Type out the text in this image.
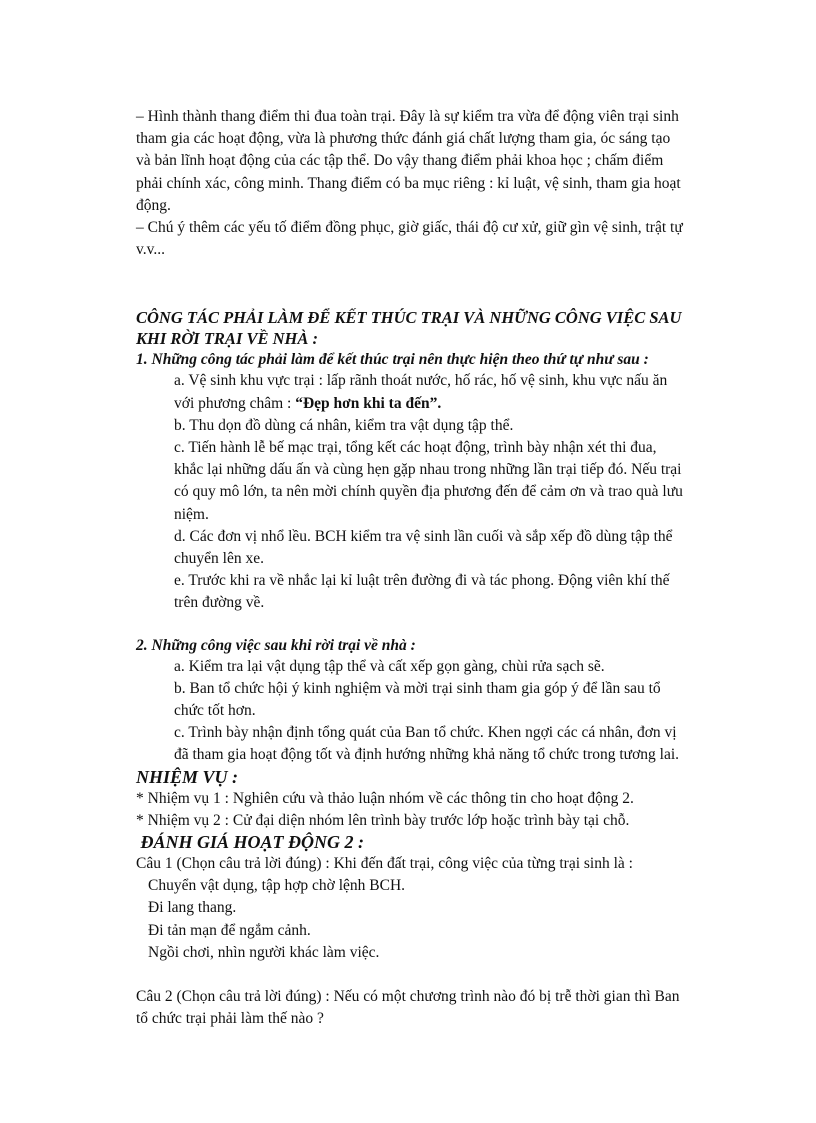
– Hình thành thang điểm thi đua toàn trại. Đây là sự kiểm tra vừa để động viên trại sinh tham gia các hoạt động, vừa là phương thức đánh giá chất lượng tham gia, óc sáng tạo và bản lĩnh hoạt động của các tập thể. Do vậy thang điểm phải khoa học ; chấm điểm phải chính xác, công minh. Thang điểm có ba mục riêng : kỉ luật, vệ sinh, tham gia hoạt động.

– Chú ý thêm các yếu tố điểm đồng phục, giờ giấc, thái độ cư xử, giữ gìn vệ sinh, trật tự v.v...

CÔNG TÁC PHẢI LÀM ĐỂ KẾT THÚC TRẠI VÀ NHỮNG CÔNG VIỆC SAU KHI RỜI TRẠI VỀ NHÀ :

1. Những công tác phải làm để kết thúc trại nên thực hiện theo thứ tự như sau :

a. Vệ sinh khu vực trại : lấp rãnh thoát nước, hố rác, hố vệ sinh, khu vực nấu ăn với phương châm : “Đẹp hơn khi ta đến”.

b. Thu dọn đồ dùng cá nhân, kiểm tra vật dụng tập thể.

c. Tiến hành lễ bế mạc trại, tổng kết các hoạt động, trình bày nhận xét thi đua, khắc lại những dấu ấn và cùng hẹn gặp nhau trong những lần trại tiếp đó. Nếu trại có quy mô lớn, ta nên mời chính quyền địa phương đến để cảm ơn và trao quà lưu niệm.

d. Các đơn vị nhổ lều. BCH kiểm tra vệ sinh lần cuối và sắp xếp đồ dùng tập thể chuyển lên xe.

e. Trước khi ra về nhắc lại kỉ luật trên đường đi và tác phong. Động viên khí thế trên đường về.

2. Những công việc sau khi rời trại về nhà :

a. Kiểm tra lại vật dụng tập thể và cất xếp gọn gàng, chùi rửa sạch sẽ.

b. Ban tổ chức hội ý kinh nghiệm và mời trại sinh tham gia góp ý để lần sau tổ chức tốt hơn.

c. Trình bày nhận định tổng quát của Ban tổ chức. Khen ngợi các cá nhân, đơn vị đã tham gia hoạt động tốt và định hướng những khả năng tổ chức trong tương lai.

NHIỆM VỤ :

* Nhiệm vụ 1 : Nghiên cứu và thảo luận nhóm về các thông tin cho hoạt động 2.

* Nhiệm vụ 2 : Cử đại diện nhóm lên trình bày trước lớp hoặc trình bày tại chỗ.

ĐÁNH GIÁ HOẠT ĐỘNG 2 :

Câu 1 (Chọn câu trả lời đúng) : Khi đến đất trại, công việc của từng trại sinh là :

Chuyển vật dụng, tập hợp chờ lệnh BCH.

Đi lang thang.

Đi tản mạn để ngắm cảnh.

Ngồi chơi, nhìn người khác làm việc.

Câu 2 (Chọn câu trả lời đúng) : Nếu có một chương trình nào đó bị trễ thời gian thì Ban tổ chức trại phải làm thế nào ?
